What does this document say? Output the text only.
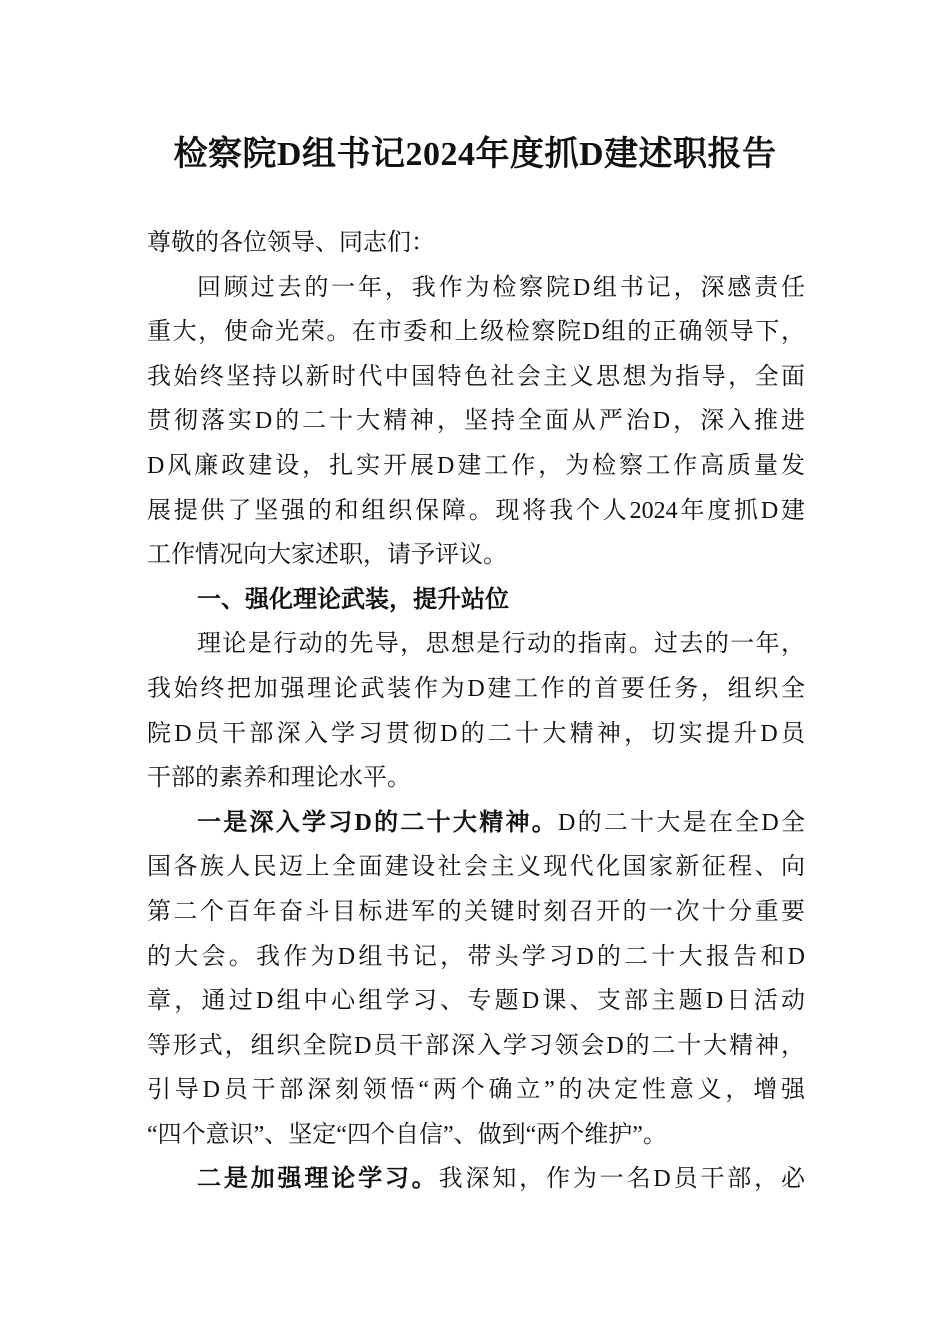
检察院D组书记2024年度抓D建述职报告
尊敬的各位领导、同志们：
回顾过去的一年，我作为检察院D组书记，深感责任
重大，使命光荣。在市委和上级检察院D组的正确领导下，
我始终坚持以新时代中国特色社会主义思想为指导，全面
贯彻落实D的二十大精神，坚持全面从严治D，深入推进
D风廉政建设，扎实开展D建工作，为检察工作高质量发
展提供了坚强的和组织保障。现将我个人2024年度抓D建
工作情况向大家述职，请予评议。
一、强化理论武装，提升站位
理论是行动的先导，思想是行动的指南。过去的一年，
我始终把加强理论武装作为D建工作的首要任务，组织全
院D员干部深入学习贯彻D的二十大精神，切实提升D员
干部的素养和理论水平。
一是深入学习D的二十大精神。D的二十大是在全D全
国各族人民迈上全面建设社会主义现代化国家新征程、向
第二个百年奋斗目标进军的关键时刻召开的一次十分重要
的大会。我作为D组书记，带头学习D的二十大报告和D
章，通过D组中心组学习、专题D课、支部主题D日活动
等形式，组织全院D员干部深入学习领会D的二十大精神，
引导D员干部深刻领悟“两个确立”的决定性意义，增强
“四个意识”、坚定“四个自信”、做到“两个维护”。
二是加强理论学习。我深知，作为一名D员干部，必
